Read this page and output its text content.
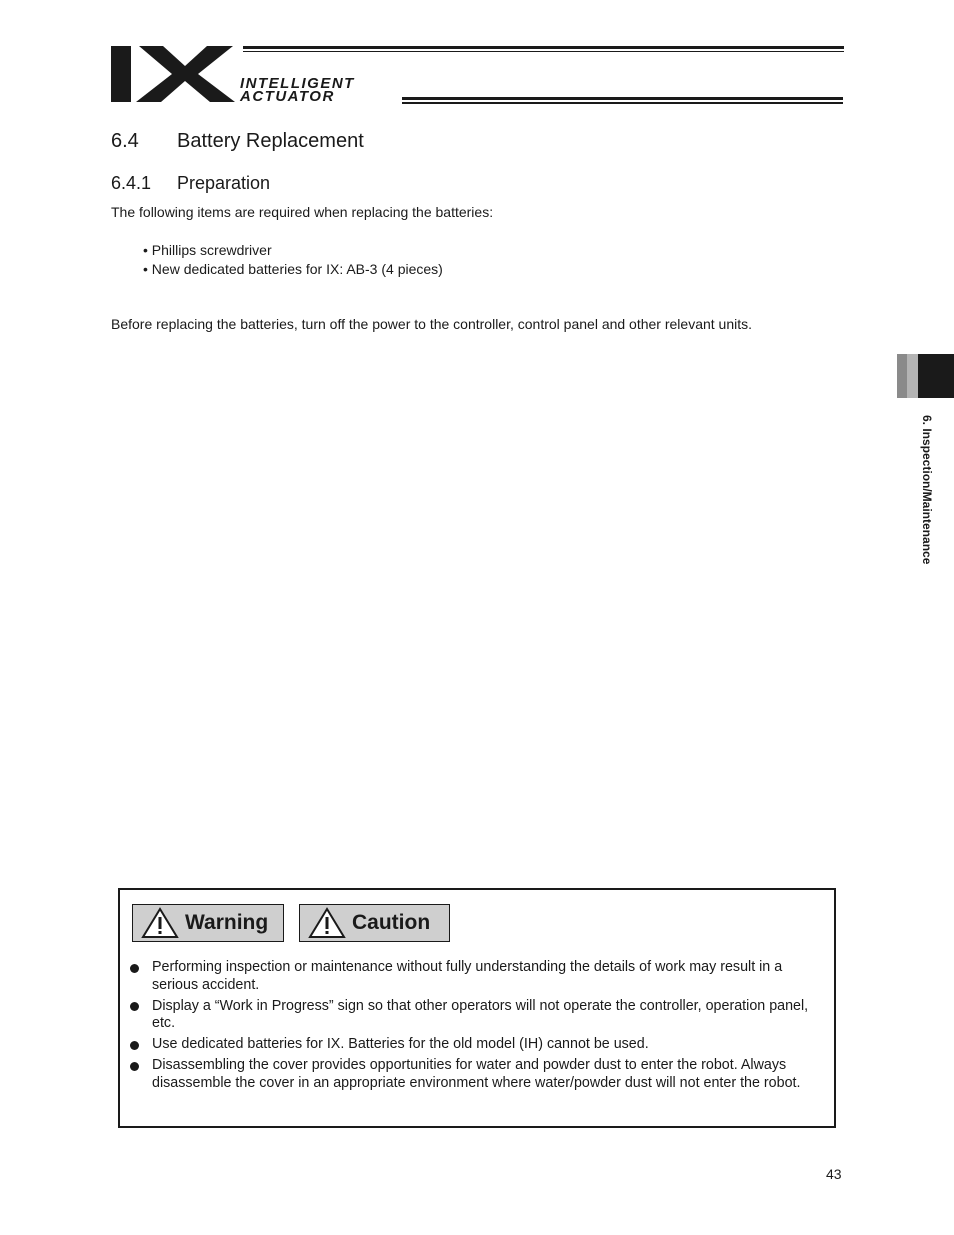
INTELLIGENT
ACTUATOR
6.4 Battery Replacement
6.4.1 Preparation
The following items are required when replacing the batteries:
• Phillips screwdriver
• New dedicated batteries for IX: AB-3 (4 pieces)
Before replacing the batteries, turn off the power to the controller, control panel and other relevant units.
6. Inspection/Maintenance
Warning	Caution
Performing inspection or maintenance without fully understanding the details of work may result in a serious accident.
Display a “Work in Progress” sign so that other operators will not operate the controller, operation panel, etc.
Use dedicated batteries for IX. Batteries for the old model (IH) cannot be used.
Disassembling the cover provides opportunities for water and powder dust to enter the robot. Always disassemble the cover in an appropriate environment where water/powder dust will not enter the robot.
43
